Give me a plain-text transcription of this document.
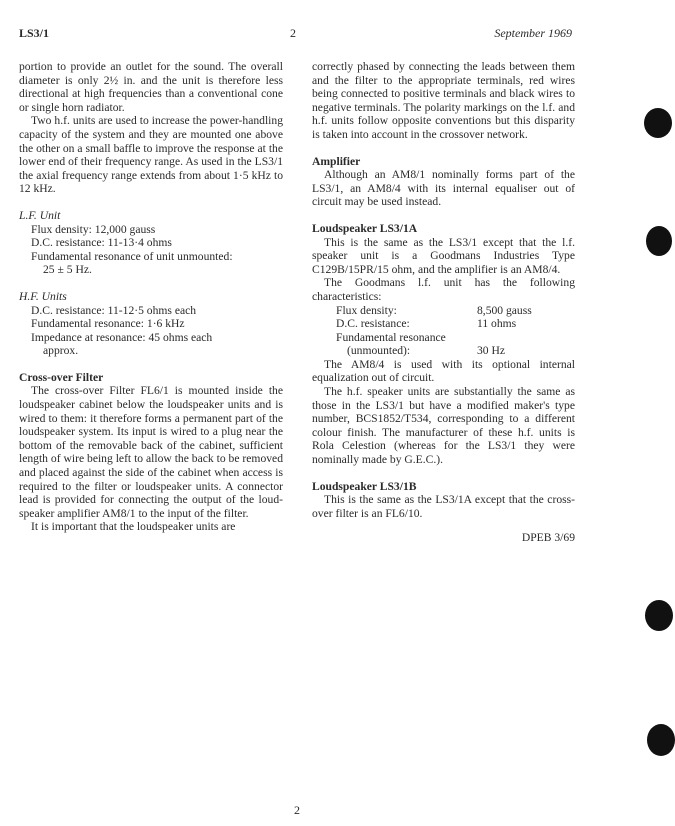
LS3/1	2	September 1969

portion to provide an outlet for the sound. The overall diameter is only 2½ in. and the unit is therefore less directional at high frequencies than a conventional cone or single horn radiator.

Two h.f. units are used to increase the power-handling capacity of the system and they are mounted one above the other on a small baffle to improve the response at the lower end of their frequency range. As used in the LS3/1 the axial frequency range extends from about 1·5 kHz to 12 kHz.

L.F. Unit

Flux density: 12,000 gauss

D.C. resistance: 11-13·4 ohms

Fundamental resonance of unit unmounted:

25 ± 5 Hz.

H.F. Units

D.C. resistance: 11-12·5 ohms each

Fundamental resonance: 1·6 kHz

Impedance at resonance: 45 ohms each

approx.

Cross-over Filter

The cross-over Filter FL6/1 is mounted inside the loudspeaker cabinet below the loudspeaker units and is wired to them: it therefore forms a permanent part of the loudspeaker system. Its input is wired to a plug near the bottom of the removable back of the cabinet, sufficient length of wire being left to allow the back to be removed and placed against the side of the cabinet when access is required to the filter or loudspeaker units. A connector lead is provided for connecting the output of the loud-speaker amplifier AM8/1 to the input of the filter.

It is important that the loudspeaker units are

correctly phased by connecting the leads between them and the filter to the appropriate terminals, red wires being connected to positive terminals and black wires to negative terminals. The polarity markings on the l.f. and h.f. units follow opposite conventions but this disparity is taken into account in the crossover network.

Amplifier

Although an AM8/1 nominally forms part of the LS3/1, an AM8/4 with its internal equaliser out of circuit may be used instead.

Loudspeaker LS3/1A

This is the same as the LS3/1 except that the l.f. speaker unit is a Goodmans Industries Type C129B/15PR/15 ohm, and the amplifier is an AM8/4.

The Goodmans l.f. unit has the following characteristics:

Flux density:	8,500 gauss
D.C. resistance:	11 ohms
Fundamental resonance	
(unmounted):	30 Hz

The AM8/4 is used with its optional internal equalization out of circuit.

The h.f. speaker units are substantially the same as those in the LS3/1 but have a modified maker's type number, BCS1852/T534, corresponding to a different colour finish. The manufacturer of these h.f. units is Rola Celestion (whereas for the LS3/1 they were nominally made by G.E.C.).

Loudspeaker LS3/1B

This is the same as the LS3/1A except that the cross-over filter is an FL6/10.

DPEB 3/69

2
